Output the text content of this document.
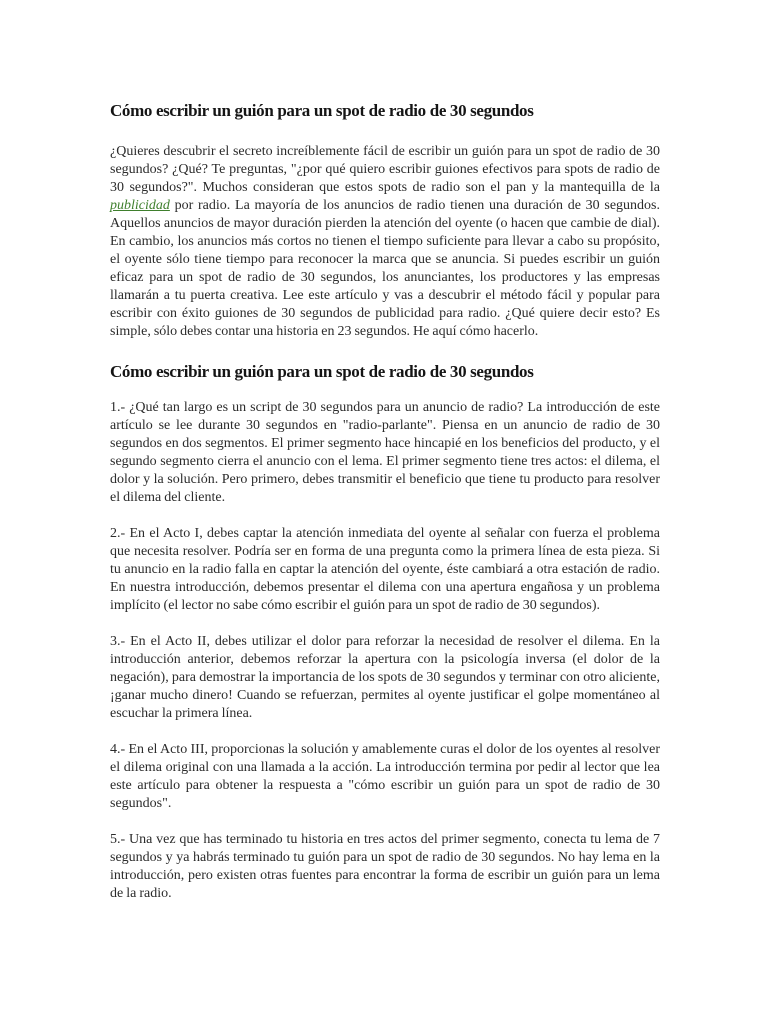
Cómo escribir un guión para un spot de radio de 30 segundos

¿Quieres descubrir el secreto increíblemente fácil de escribir un guión para un spot de radio de 30 segundos? ¿Qué? Te preguntas, "¿por qué quiero escribir guiones efectivos para spots de radio de 30 segundos?". Muchos consideran que estos spots de radio son el pan y la mantequilla de la publicidad por radio. La mayoría de los anuncios de radio tienen una duración de 30 segundos. Aquellos anuncios de mayor duración pierden la atención del oyente (o hacen que cambie de dial). En cambio, los anuncios más cortos no tienen el tiempo suficiente para llevar a cabo su propósito, el oyente sólo tiene tiempo para reconocer la marca que se anuncia. Si puedes escribir un guión eficaz para un spot de radio de 30 segundos, los anunciantes, los productores y las empresas llamarán a tu puerta creativa. Lee este artículo y vas a descubrir el método fácil y popular para escribir con éxito guiones de 30 segundos de publicidad para radio. ¿Qué quiere decir esto? Es simple, sólo debes contar una historia en 23 segundos. He aquí cómo hacerlo.

Cómo escribir un guión para un spot de radio de 30 segundos

1.- ¿Qué tan largo es un script de 30 segundos para un anuncio de radio? La introducción de este artículo se lee durante 30 segundos en "radio-parlante". Piensa en un anuncio de radio de 30 segundos en dos segmentos. El primer segmento hace hincapié en los beneficios del producto, y el segundo segmento cierra el anuncio con el lema. El primer segmento tiene tres actos: el dilema, el dolor y la solución. Pero primero, debes transmitir el beneficio que tiene tu producto para resolver el dilema del cliente.

2.- En el Acto I, debes captar la atención inmediata del oyente al señalar con fuerza el problema que necesita resolver. Podría ser en forma de una pregunta como la primera línea de esta pieza. Si tu anuncio en la radio falla en captar la atención del oyente, éste cambiará a otra estación de radio. En nuestra introducción, debemos presentar el dilema con una apertura engañosa y un problema implícito (el lector no sabe cómo escribir el guión para un spot de radio de 30 segundos).

3.- En el Acto II, debes utilizar el dolor para reforzar la necesidad de resolver el dilema. En la introducción anterior, debemos reforzar la apertura con la psicología inversa (el dolor de la negación), para demostrar la importancia de los spots de 30 segundos y terminar con otro aliciente, ¡ganar mucho dinero! Cuando se refuerzan, permites al oyente justificar el golpe momentáneo al escuchar la primera línea.

4.- En el Acto III, proporcionas la solución y amablemente curas el dolor de los oyentes al resolver el dilema original con una llamada a la acción. La introducción termina por pedir al lector que lea este artículo para obtener la respuesta a "cómo escribir un guión para un spot de radio de 30 segundos".

5.- Una vez que has terminado tu historia en tres actos del primer segmento, conecta tu lema de 7 segundos y ya habrás terminado tu guión para un spot de radio de 30 segundos. No hay lema en la introducción, pero existen otras fuentes para encontrar la forma de escribir un guión para un lema de la radio.
